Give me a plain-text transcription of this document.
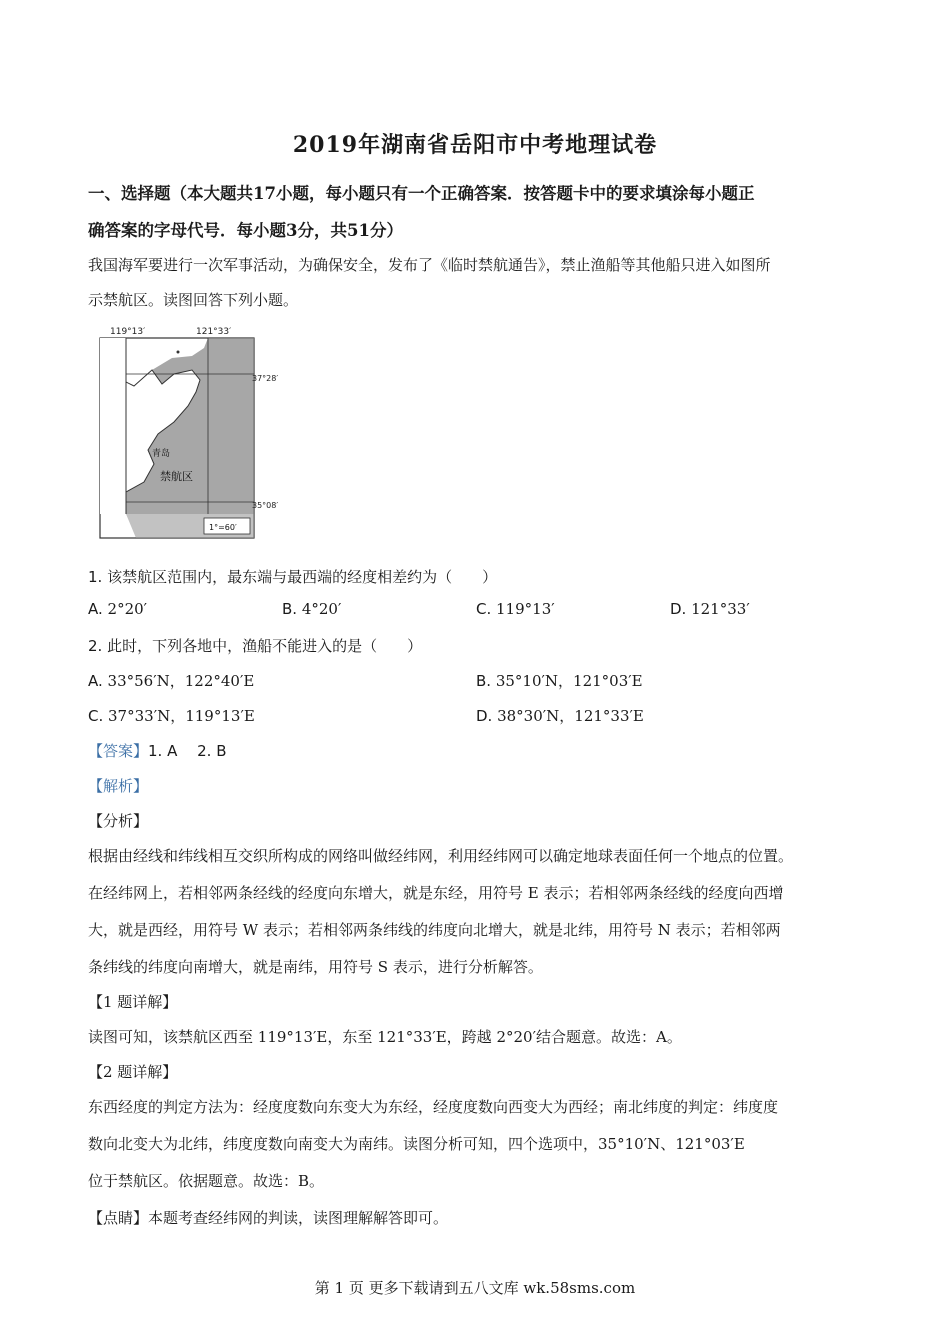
2019年湖南省岳阳市中考地理试卷
一、选择题（本大题共17小题，每小题只有一个正确答案．按答题卡中的要求填涂每小题正
确答案的字母代号．每小题3分，共51分）
我国海军要进行一次军事活动，为确保安全，发布了《临时禁航通告》，禁止渔船等其他船只进入如图所
示禁航区。读图回答下列小题。
119°13′	121°33′
37°28′
35°08′
青岛
禁航区
1°=60′
1. 该禁航区范围内，最东端与最西端的经度相差约为（　　）
A. 2°20′	B. 4°20′	C. 119°13′	D. 121°33′
2. 此时，下列各地中，渔船不能进入的是（　　）
A. 33°56′N，122°40′E	B. 35°10′N，121°03′E
C. 37°33′N，119°13′E	D. 38°30′N，121°33′E
【答案】1. A　 2. B
【解析】
【分析】
根据由经线和纬线相互交织所构成的网络叫做经纬网，利用经纬网可以确定地球表面任何一个地点的位置。
在经纬网上，若相邻两条经线的经度向东增大，就是东经，用符号 E 表示；若相邻两条经线的经度向西增
大，就是西经，用符号 W 表示；若相邻两条纬线的纬度向北增大，就是北纬，用符号 N 表示；若相邻两
条纬线的纬度向南增大，就是南纬，用符号 S 表示，进行分析解答。
【1 题详解】
读图可知，该禁航区西至 119°13′E，东至 121°33′E，跨越 2°20′结合题意。故选：A。
【2 题详解】
东西经度的判定方法为：经度度数向东变大为东经，经度度数向西变大为西经；南北纬度的判定：纬度度
数向北变大为北纬，纬度度数向南变大为南纬。读图分析可知，四个选项中，35°10′N、121°03′E
位于禁航区。依据题意。故选：B。
【点睛】本题考查经纬网的判读，读图理解解答即可。
第 1 页 更多下载请到五八文库 wk.58sms.com
